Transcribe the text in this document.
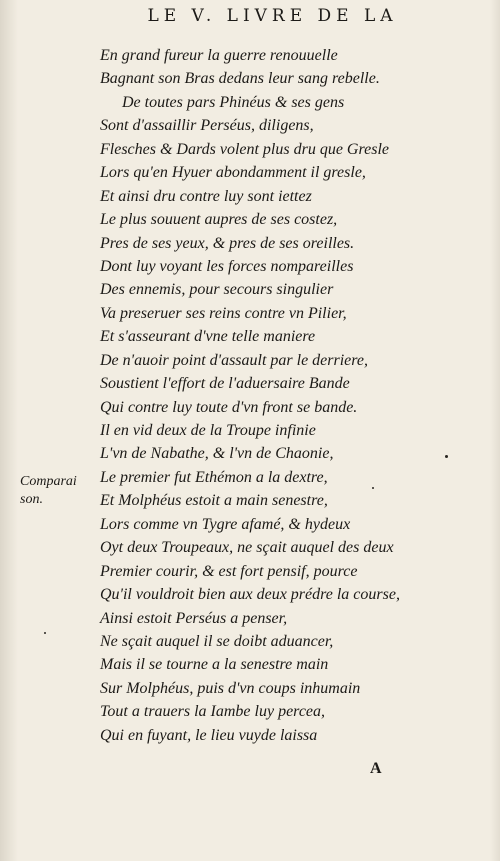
LE V. LIVRE DE LA
Comparai
son.
En grand fureur la guerre renouuelle
Bagnant son Bras dedans leur sang rebelle.
De toutes pars Phinéus & ses gens
Sont d'assaillir Perséus, diligens,
Flesches & Dards volent plus dru que Gresle
Lors qu'en Hyuer abondamment il gresle,
Et ainsi dru contre luy sont iettez
Le plus souuent aupres de ses costez,
Pres de ses yeux, & pres de ses oreilles.
Dont luy voyant les forces nompareilles
Des ennemis, pour secours singulier
Va preseruer ses reins contre vn Pilier,
Et s'asseurant d'vne telle maniere
De n'auoir point d'assault par le derriere,
Soustient l'effort de l'aduersaire Bande
Qui contre luy toute d'vn front se bande.
Il en vid deux de la Troupe infinie
L'vn de Nabathe, & l'vn de Chaonie,
Le premier fut Ethémon a la dextre,
Et Molphéus estoit a main senestre,
Lors comme vn Tygre afamé, & hydeux
Oyt deux Troupeaux, ne sçait auquel des deux
Premier courir, & est fort pensif, pource
Qu'il vouldroit bien aux deux prédre la course,
Ainsi estoit Perséus a penser,
Ne sçait auquel il se doibt aduancer,
Mais il se tourne a la senestre main
Sur Molphéus, puis d'vn coups inhumain
Tout a trauers la Iambe luy percea,
Qui en fuyant, le lieu vuyde laissa
A
